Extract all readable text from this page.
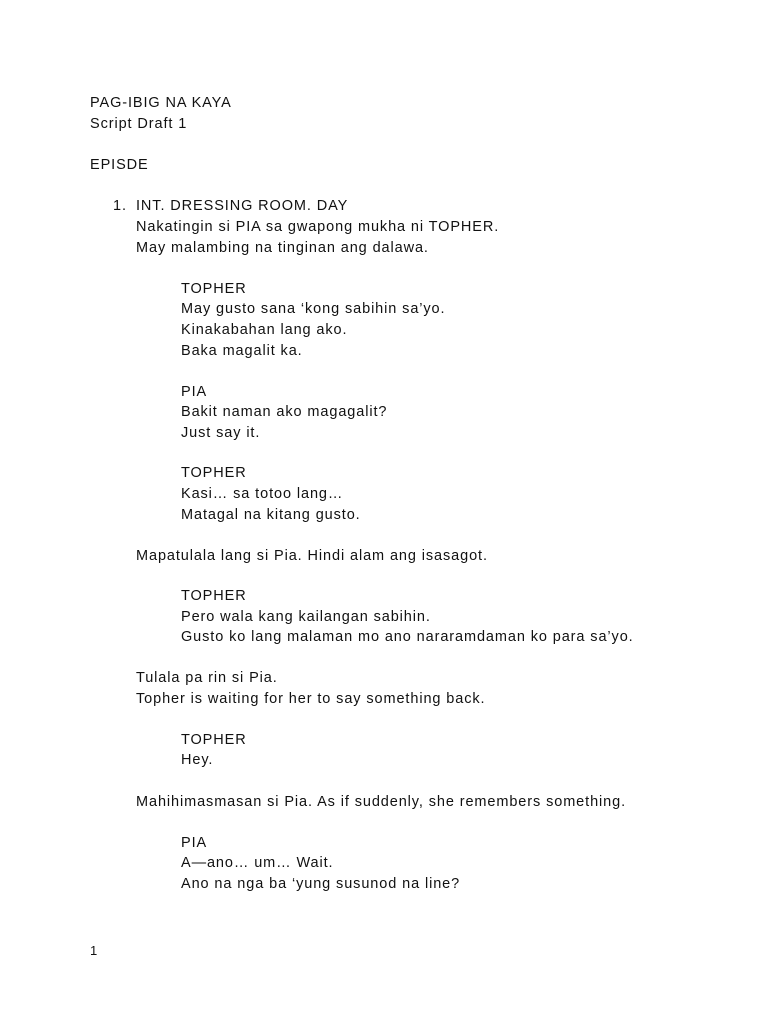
PAG-IBIG NA KAYA
Script Draft 1
EPISDE
1. INT. DRESSING ROOM. DAY
Nakatingin si PIA sa gwapong mukha ni TOPHER.
May malambing na tinginan ang dalawa.
TOPHER
May gusto sana ‘kong sabihin sa’yo.
Kinakabahan lang ako.
Baka magalit ka.
PIA
Bakit naman ako magagalit?
Just say it.
TOPHER
Kasi… sa totoo lang…
Matagal na kitang gusto.
Mapatulala lang si Pia. Hindi alam ang isasagot.
TOPHER
Pero wala kang kailangan sabihin.
Gusto ko lang malaman mo ano nararamdaman ko para sa’yo.
Tulala pa rin si Pia.
Topher is waiting for her to say something back.
TOPHER
Hey.
Mahihimasmasan si Pia. As if suddenly, she remembers something.
PIA
A—ano… um… Wait.
Ano na nga ba ‘yung susunod na line?
1
